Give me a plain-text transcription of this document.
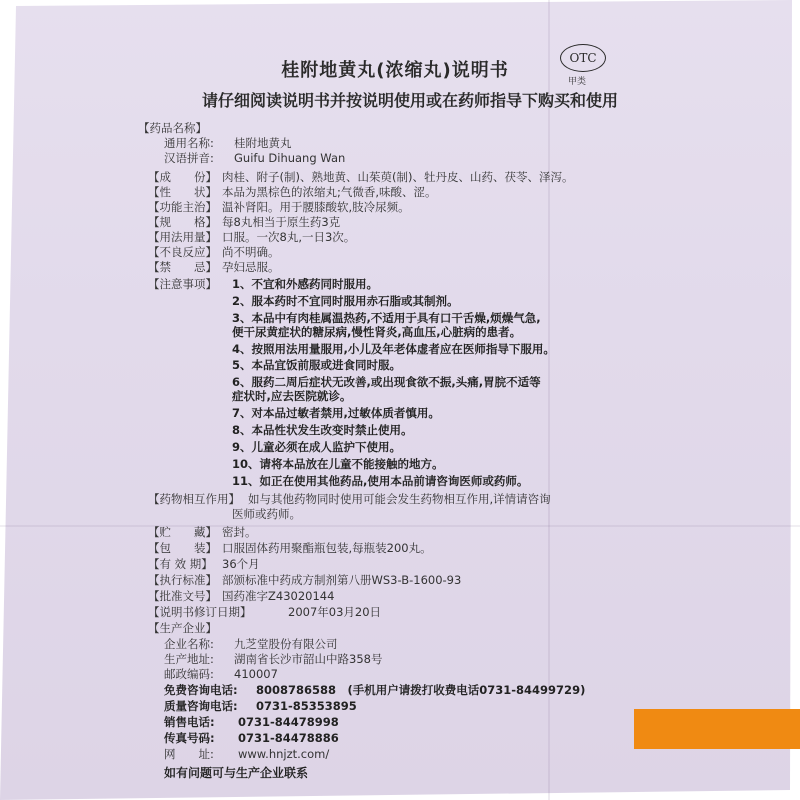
桂附地黄丸(浓缩丸)说明书
OTC
甲类
请仔细阅读说明书并按说明使用或在药师指导下购买和使用
【药品名称】
通用名称: 桂附地黄丸
汉语拼音: Guifu Dihuang Wan
【成　　份】 肉桂、附子(制)、熟地黄、山茱萸(制)、牡丹皮、山药、茯苓、泽泻。
【性　　状】 本品为黑棕色的浓缩丸;气微香,味酸、涩。
【功能主治】 温补肾阳。用于腰膝酸软,肢冷尿频。
【规　　格】 每8丸相当于原生药3克
【用法用量】 口服。一次8丸,一日3次。
【不良反应】 尚不明确。
【禁　　忌】 孕妇忌服。
【注意事项】 1、不宜和外感药同时服用。
2、服本药时不宜同时服用赤石脂或其制剂。
3、本品中有肉桂属温热药,不适用于具有口干舌燥,烦燥气急,
便干尿黄症状的糖尿病,慢性肾炎,高血压,心脏病的患者。
4、按照用法用量服用,小儿及年老体虚者应在医师指导下服用。
5、本品宜饭前服或进食同时服。
6、服药二周后症状无改善,或出现食欲不振,头痛,胃脘不适等
症状时,应去医院就诊。
7、对本品过敏者禁用,过敏体质者慎用。
8、本品性状发生改变时禁止使用。
9、儿童必须在成人监护下使用。
10、请将本品放在儿童不能接触的地方。
11、如正在使用其他药品,使用本品前请咨询医师或药师。
【药物相互作用】 如与其他药物同时使用可能会发生药物相互作用,详情请咨询
医师或药师。
【贮　　藏】 密封。
【包　　装】 口服固体药用聚酯瓶包装,每瓶装200丸。
【有 效 期】 36个月
【执行标准】 部颁标准中药成方制剂第八册WS3-B-1600-93
【批准文号】 国药准字Z43020144
【说明书修订日期】	2007年03月20日
【生产企业】
企业名称: 九芝堂股份有限公司
生产地址: 湖南省长沙市韶山中路358号
邮政编码: 410007
免费咨询电话: 8008786588　(手机用户请拨打收费电话0731-84499729)
质量咨询电话: 0731-85353895
销售电话: 0731-84478998
传真号码: 0731-84478886
网　　址: www.hnjzt.com/
如有问题可与生产企业联系
